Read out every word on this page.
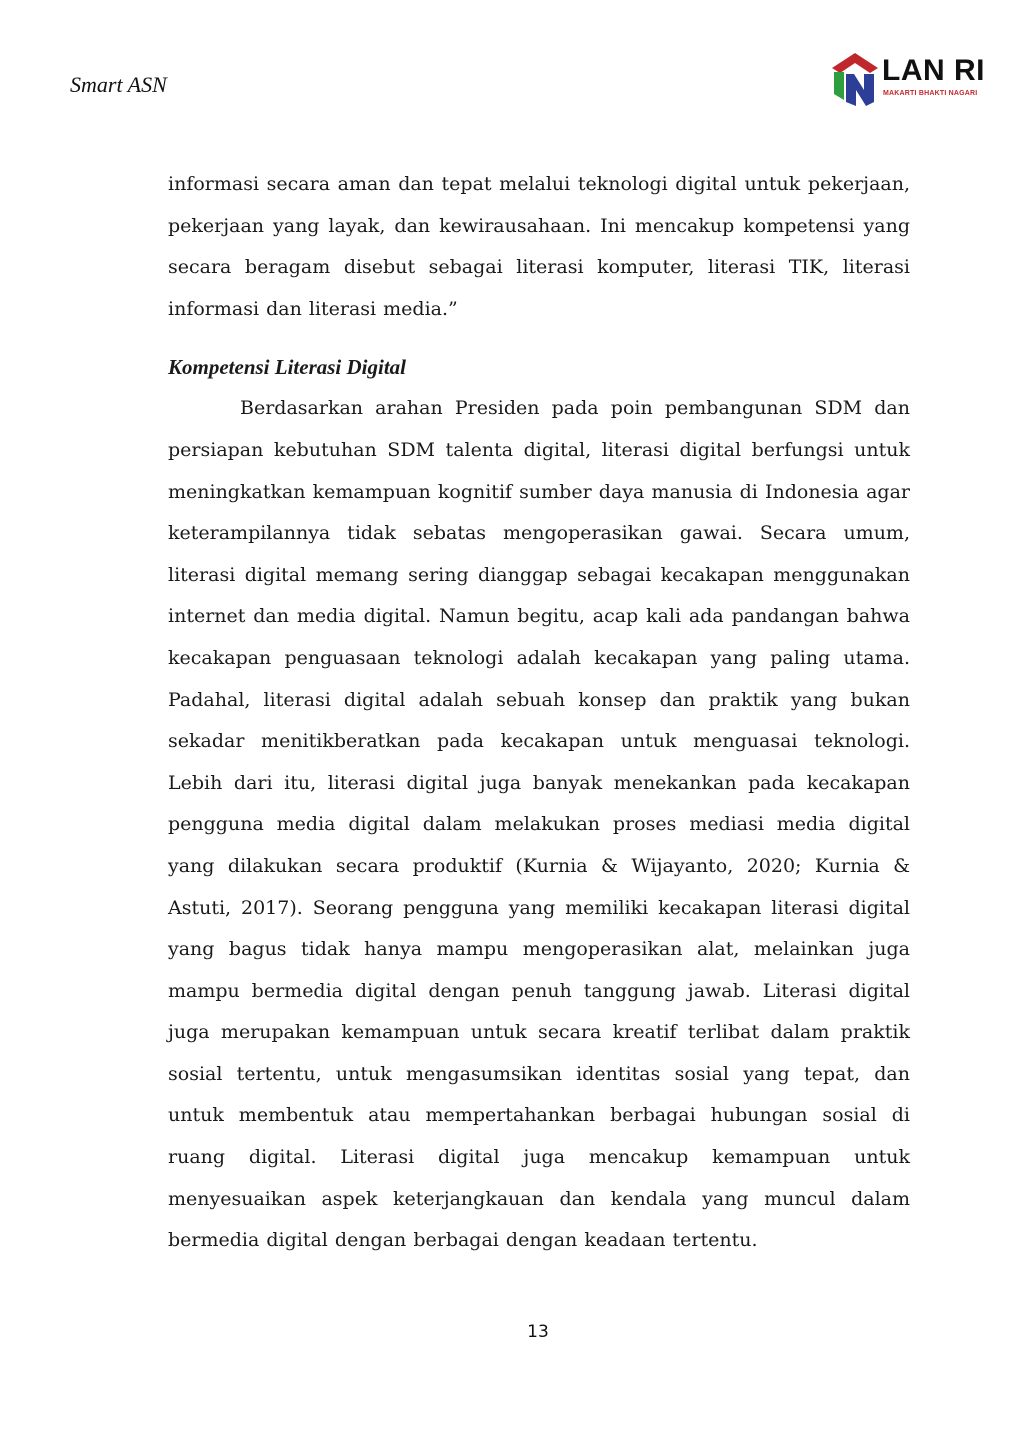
Smart ASN	LAN RI
MAKARTI BHAKTI NAGARI

informasi secara aman dan tepat melalui teknologi digital untuk pekerjaan, pekerjaan yang layak, dan kewirausahaan. Ini mencakup kompetensi yang secara beragam disebut sebagai literasi komputer, literasi TIK, literasi informasi dan literasi media.”

Kompetensi Literasi Digital

Berdasarkan arahan Presiden pada poin pembangunan SDM dan persiapan kebutuhan SDM talenta digital, literasi digital berfungsi untuk meningkatkan kemampuan kognitif sumber daya manusia di Indonesia agar keterampilannya tidak sebatas mengoperasikan gawai. Secara umum, literasi digital memang sering dianggap sebagai kecakapan menggunakan internet dan media digital. Namun begitu, acap kali ada pandangan bahwa kecakapan penguasaan teknologi adalah kecakapan yang paling utama. Padahal, literasi digital adalah sebuah konsep dan praktik yang bukan sekadar menitikberatkan pada kecakapan untuk menguasai teknologi. Lebih dari itu, literasi digital juga banyak menekankan pada kecakapan pengguna media digital dalam melakukan proses mediasi media digital yang dilakukan secara produktif (Kurnia & Wijayanto, 2020; Kurnia & Astuti, 2017). Seorang pengguna yang memiliki kecakapan literasi digital yang bagus tidak hanya mampu mengoperasikan alat, melainkan juga mampu bermedia digital dengan penuh tanggung jawab. Literasi digital juga merupakan kemampuan untuk secara kreatif terlibat dalam praktik sosial tertentu, untuk mengasumsikan identitas sosial yang tepat, dan untuk membentuk atau mempertahankan berbagai hubungan sosial di ruang digital. Literasi digital juga mencakup kemampuan untuk menyesuaikan aspek keterjangkauan dan kendala yang muncul dalam bermedia digital dengan berbagai dengan keadaan tertentu.

13
